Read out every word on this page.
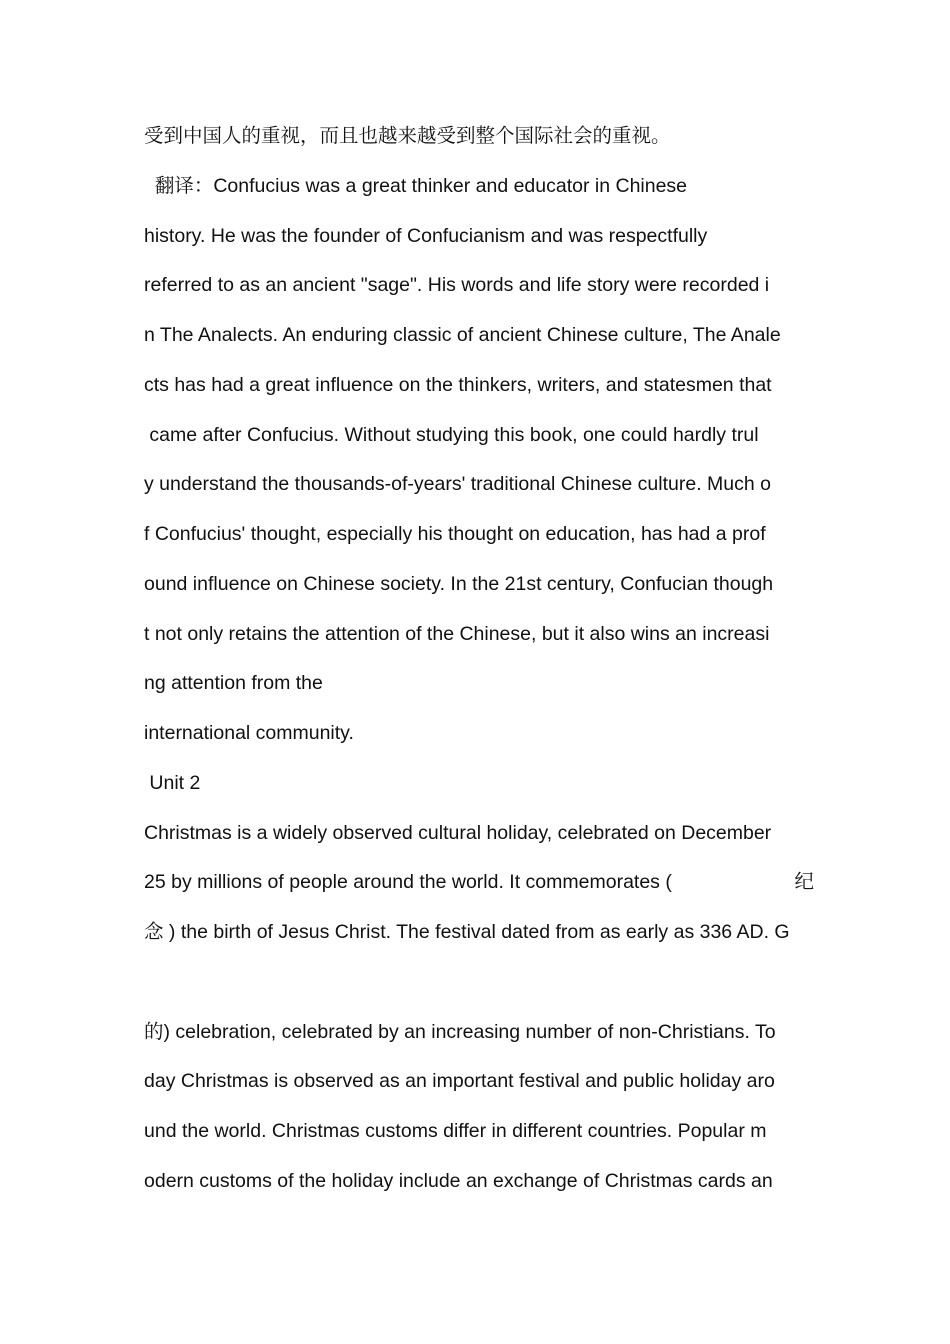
受到中国人的重视，而且也越来越受到整个国际社会的重视。
翻译：Confucius was a great thinker and educator in Chinese
history. He was the founder of Confucianism and was respectfully
referred to as an ancient "sage". His words and life story were recorded i
n The Analects. An enduring classic of ancient Chinese culture, The Anale
cts has had a great influence on the thinkers, writers, and statesmen that
came after Confucius. Without studying this book, one could hardly trul
y understand the thousands-of-years' traditional Chinese culture. Much o
f Confucius' thought, especially his thought on education, has had a prof
ound influence on Chinese society. In the 21st century, Confucian though
t not only retains the attention of the Chinese, but it also wins an increasi
ng attention from the
international community.
Unit 2
Christmas is a widely observed cultural holiday, celebrated on December
25 by millions of people around the world. It commemorates (	纪
念 ) the birth of Jesus Christ. The festival dated from as early as 336 AD. G

的) celebration, celebrated by an increasing number of non-Christians. To
day Christmas is observed as an important festival and public holiday aro
und the world. Christmas customs differ in different countries. Popular m
odern customs of the holiday include an exchange of Christmas cards an
